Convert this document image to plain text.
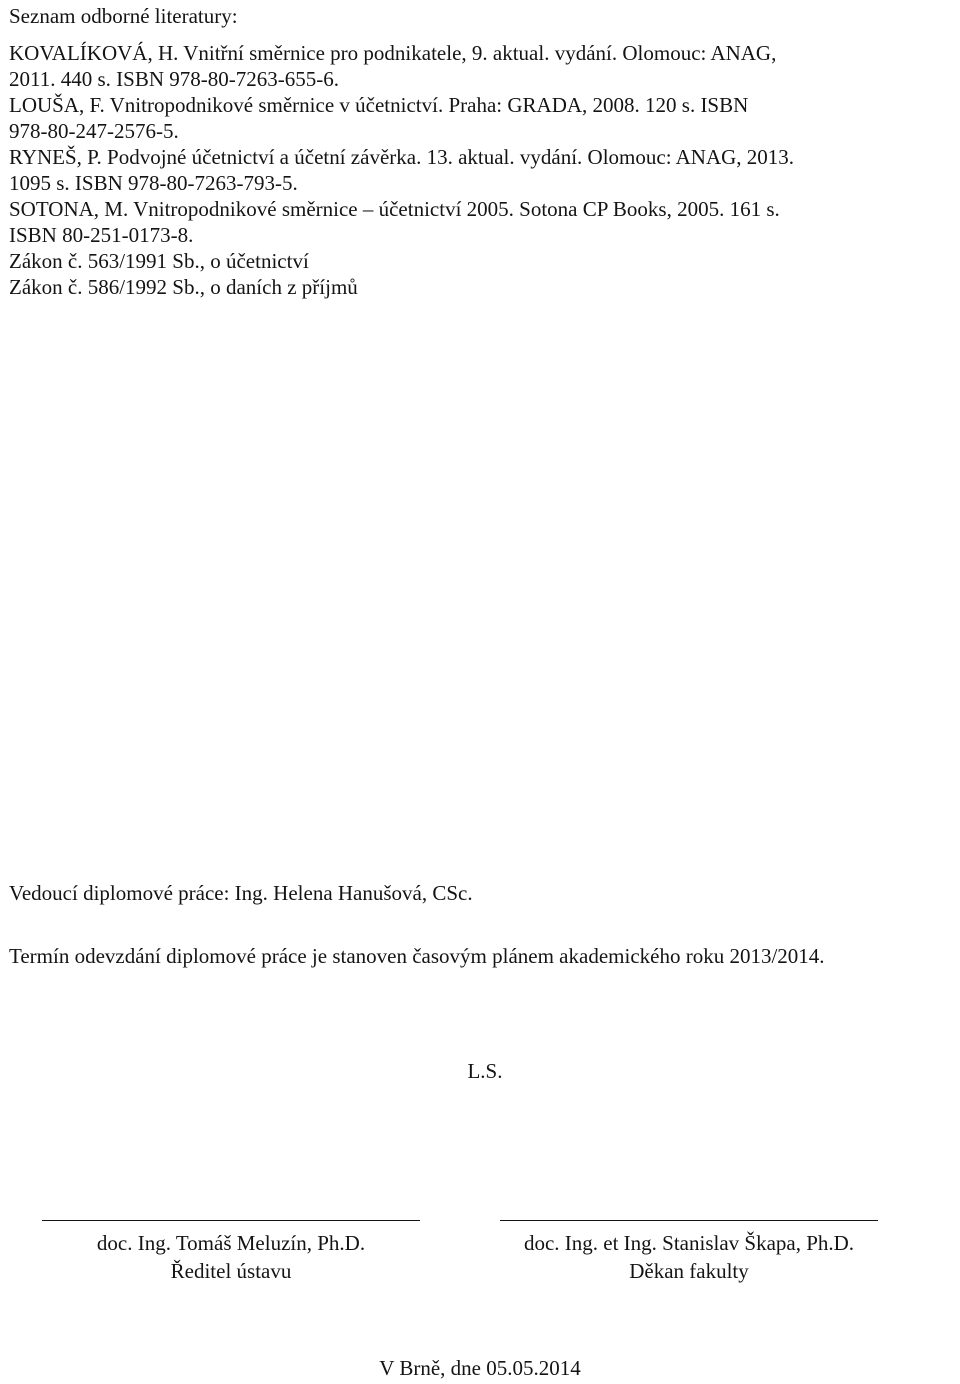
Seznam odborné literatury:
KOVALÍKOVÁ, H. Vnitřní směrnice pro podnikatele, 9. aktual. vydání. Olomouc: ANAG,
2011. 440 s. ISBN 978-80-7263-655-6.
LOUŠA, F. Vnitropodnikové směrnice v účetnictví. Praha: GRADA, 2008. 120 s. ISBN
978-80-247-2576-5.
RYNEŠ, P. Podvojné účetnictví a účetní závěrka. 13. aktual. vydání. Olomouc: ANAG, 2013.
1095 s. ISBN 978-80-7263-793-5.
SOTONA, M. Vnitropodnikové směrnice – účetnictví 2005. Sotona CP Books, 2005. 161 s.
ISBN 80-251-0173-8.
Zákon č. 563/1991 Sb., o účetnictví
Zákon č. 586/1992 Sb., o daních z příjmů
Vedoucí diplomové práce: Ing. Helena Hanušová, CSc.
Termín odevzdání diplomové práce je stanoven časovým plánem akademického roku 2013/2014.
L.S.
doc. Ing. Tomáš Meluzín, Ph.D.
Ředitel ústavu
doc. Ing. et Ing. Stanislav Škapa, Ph.D.
Děkan fakulty
V Brně, dne 05.05.2014
